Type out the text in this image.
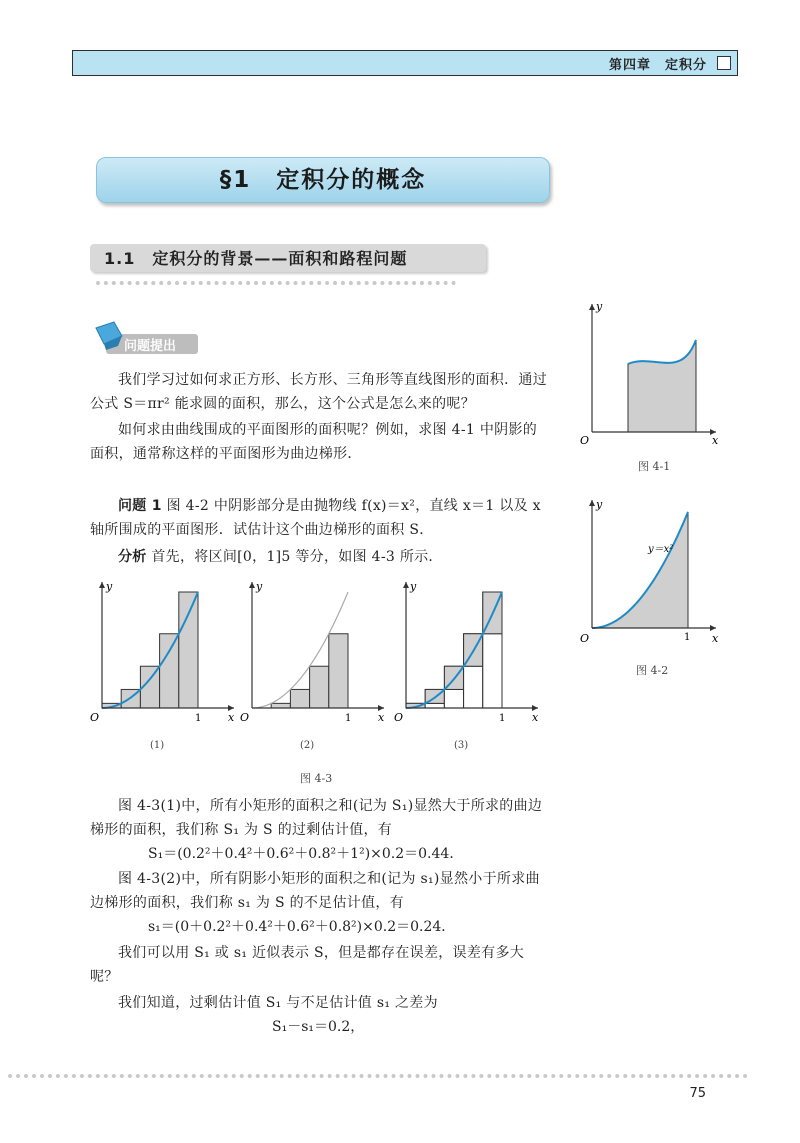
第四章　定积分
§1　定积分的概念
1.1　定积分的背景——面积和路程问题
问题提出
我们学习过如何求正方形、长方形、三角形等直线图形的面积．通过公式 S＝πr² 能求圆的面积，那么，这个公式是怎么来的呢？
如何求由曲线围成的平面图形的面积呢？例如，求图 4-1 中阴影的面积，通常称这样的平面图形为曲边梯形．
问题 1 图 4-2 中阴影部分是由抛物线 f(x)＝x²，直线 x＝1 以及 x 轴所围成的平面图形．试估计这个曲边梯形的面积 S．
分析 首先，将区间[0，1]5 等分，如图 4-3 所示．
y
x
O
图 4-1
y
x
O	1
y＝x²
图 4-2
y
x
O	1
(1)
y
x
O	1
(2)
y
x
O	1
(3)
图 4-3
图 4-3(1)中，所有小矩形的面积之和(记为 S₁)显然大于所求的曲边梯形的面积，我们称 S₁ 为 S 的过剩估计值，有
S₁＝(0.2²＋0.4²＋0.6²＋0.8²＋1²)×0.2＝0.44．
图 4-3(2)中，所有阴影小矩形的面积之和(记为 s₁)显然小于所求曲边梯形的面积，我们称 s₁ 为 S 的不足估计值，有
s₁＝(0＋0.2²＋0.4²＋0.6²＋0.8²)×0.2＝0.24．
我们可以用 S₁ 或 s₁ 近似表示 S，但是都存在误差，误差有多大呢？
我们知道，过剩估计值 S₁ 与不足估计值 s₁ 之差为
S₁－s₁＝0.2，
75
